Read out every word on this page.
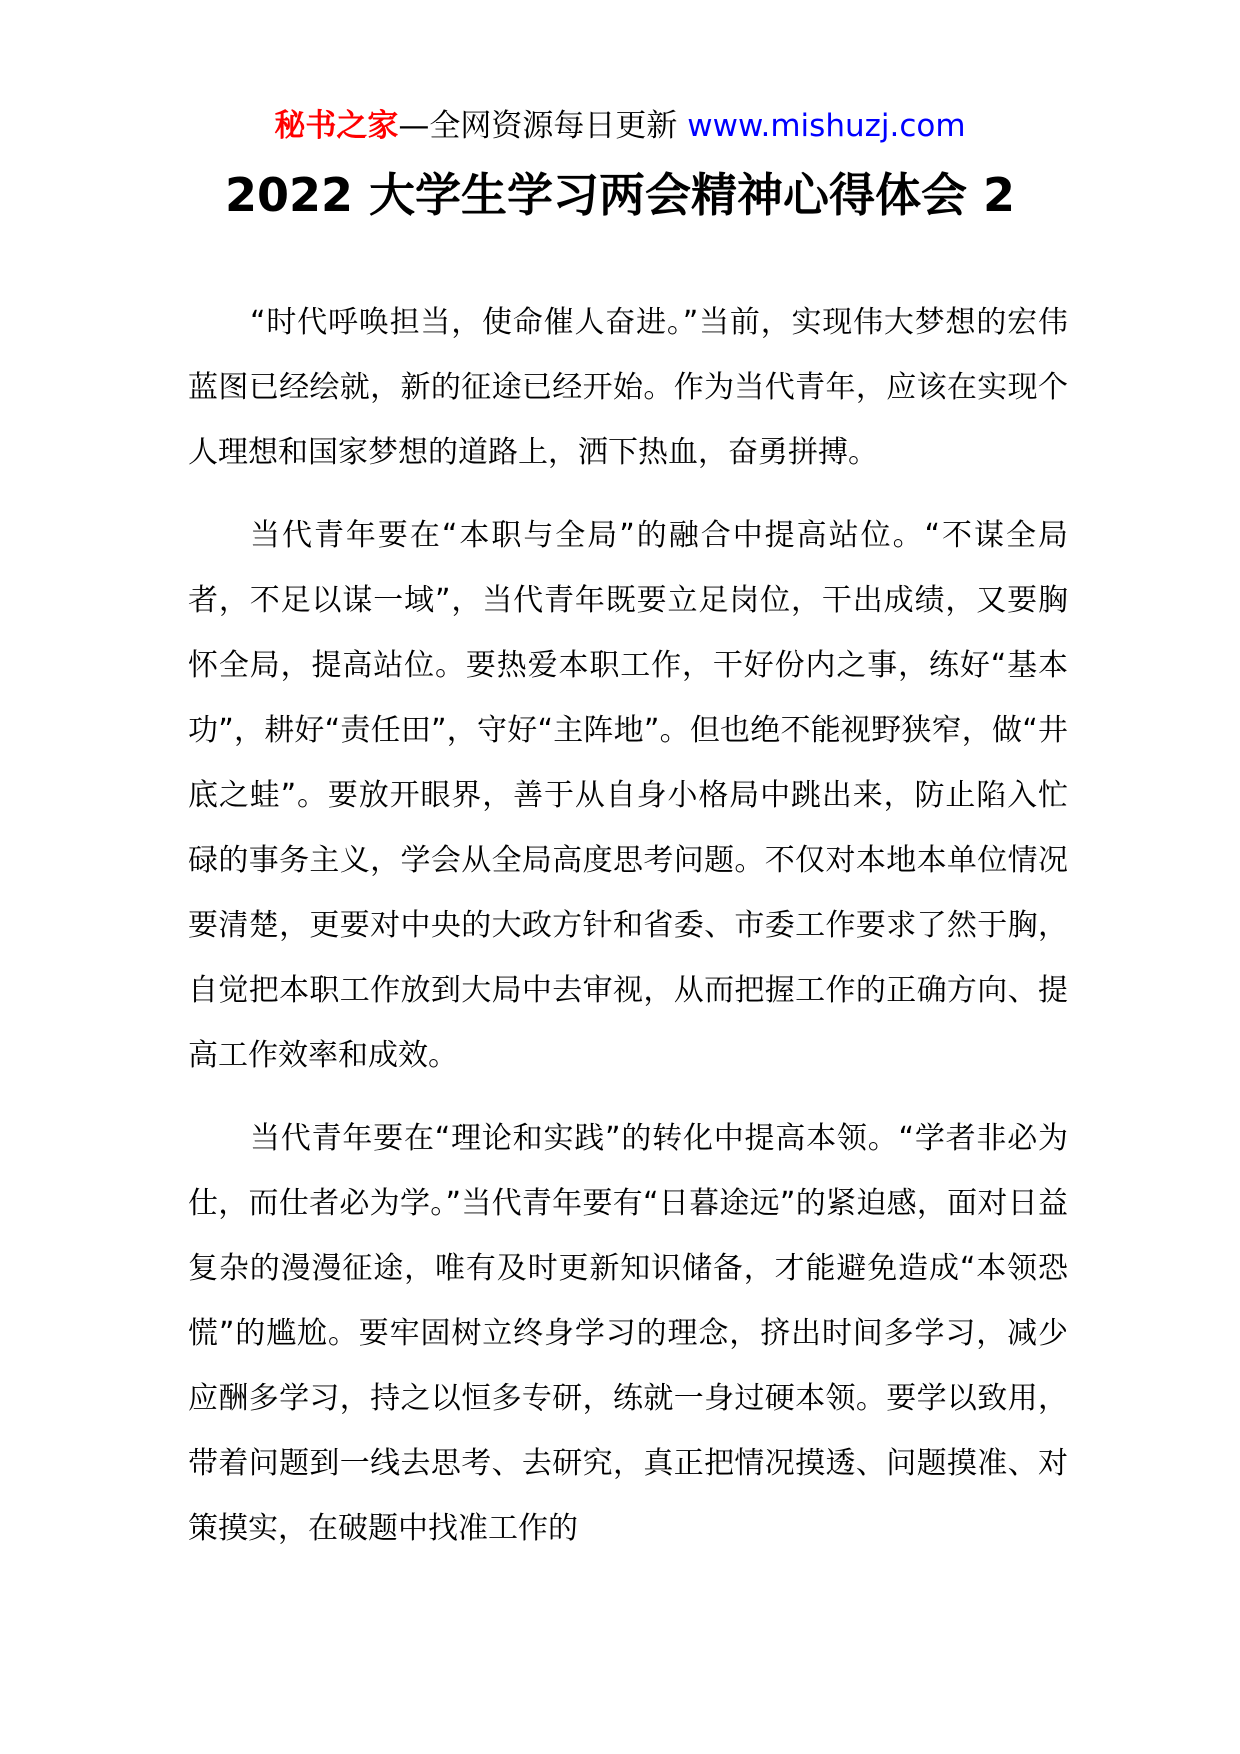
秘书之家—全网资源每日更新 www.mishuzj.com
2022 大学生学习两会精神心得体会 2

“时代呼唤担当，使命催人奋进。”当前，实现伟大梦想的宏伟蓝图已经绘就，新的征途已经开始。作为当代青年，应该在实现个人理想和国家梦想的道路上，洒下热血，奋勇拼搏。

当代青年要在“本职与全局”的融合中提高站位。“不谋全局者，不足以谋一域”，当代青年既要立足岗位，干出成绩，又要胸怀全局，提高站位。要热爱本职工作，干好份内之事，练好“基本功”，耕好“责任田”，守好“主阵地”。但也绝不能视野狭窄，做“井底之蛙”。要放开眼界，善于从自身小格局中跳出来，防止陷入忙碌的事务主义，学会从全局高度思考问题。不仅对本地本单位情况要清楚，更要对中央的大政方针和省委、市委工作要求了然于胸，自觉把本职工作放到大局中去审视，从而把握工作的正确方向、提高工作效率和成效。

当代青年要在“理论和实践”的转化中提高本领。“学者非必为仕，而仕者必为学。”当代青年要有“日暮途远”的紧迫感，面对日益复杂的漫漫征途，唯有及时更新知识储备，才能避免造成“本领恐慌”的尴尬。要牢固树立终身学习的理念，挤出时间多学习，减少应酬多学习，持之以恒多专研，练就一身过硬本领。要学以致用，带着问题到一线去思考、去研究，真正把情况摸透、问题摸准、对策摸实，在破题中找准工作的
